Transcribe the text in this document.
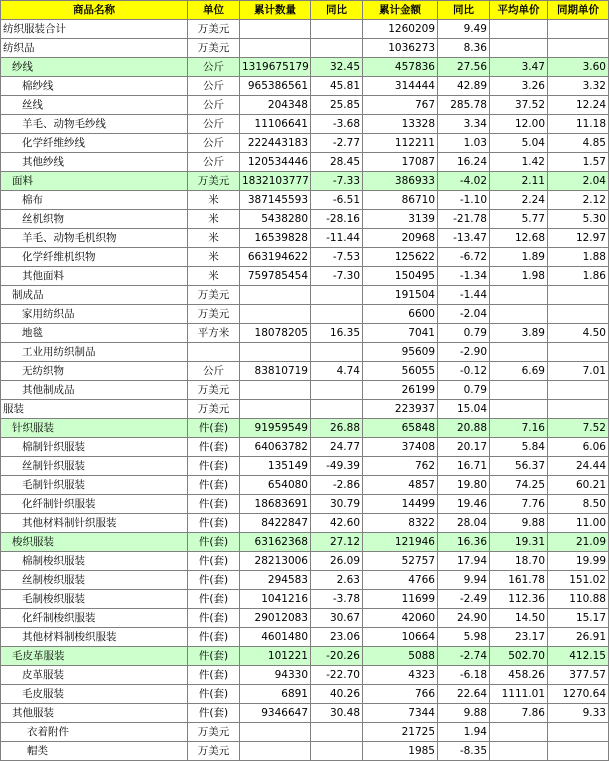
商品名称	单位	累计数量	同比	累计金额	同比	平均单价	同期单价
纺织服装合计	万美元			1260209	9.49		
纺织品	万美元			1036273	8.36		
纱线	公斤	1319675179	32.45	457836	27.56	3.47	3.60
棉纱线	公斤	965386561	45.81	314444	42.89	3.26	3.32
丝线	公斤	204348	25.85	767	285.78	37.52	12.24
羊毛、动物毛纱线	公斤	11106641	-3.68	13328	3.34	12.00	11.18
化学纤维纱线	公斤	222443183	-2.77	112211	1.03	5.04	4.85
其他纱线	公斤	120534446	28.45	17087	16.24	1.42	1.57
面料	万美元	1832103777	-7.33	386933	-4.02	2.11	2.04
棉布	米	387145593	-6.51	86710	-1.10	2.24	2.12
丝机织物	米	5438280	-28.16	3139	-21.78	5.77	5.30
羊毛、动物毛机织物	米	16539828	-11.44	20968	-13.47	12.68	12.97
化学纤维机织物	米	663194622	-7.53	125622	-6.72	1.89	1.88
其他面料	米	759785454	-7.30	150495	-1.34	1.98	1.86
制成品	万美元			191504	-1.44		
家用纺织品	万美元			6600	-2.04		
地毯	平方米	18078205	16.35	7041	0.79	3.89	4.50
工业用纺织制品				95609	-2.90		
无纺织物	公斤	83810719	4.74	56055	-0.12	6.69	7.01
其他制成品	万美元			26199	0.79		
服装	万美元			223937	15.04		
针织服装	件(套)	91959549	26.88	65848	20.88	7.16	7.52
棉制针织服装	件(套)	64063782	24.77	37408	20.17	5.84	6.06
丝制针织服装	件(套)	135149	-49.39	762	16.71	56.37	24.44
毛制针织服装	件(套)	654080	-2.86	4857	19.80	74.25	60.21
化纤制针织服装	件(套)	18683691	30.79	14499	19.46	7.76	8.50
其他材料制针织服装	件(套)	8422847	42.60	8322	28.04	9.88	11.00
梭织服装	件(套)	63162368	27.12	121946	16.36	19.31	21.09
棉制梭织服装	件(套)	28213006	26.09	52757	17.94	18.70	19.99
丝制梭织服装	件(套)	294583	2.63	4766	9.94	161.78	151.02
毛制梭织服装	件(套)	1041216	-3.78	11699	-2.49	112.36	110.88
化纤制梭织服装	件(套)	29012083	30.67	42060	24.90	14.50	15.17
其他材料制梭织服装	件(套)	4601480	23.06	10664	5.98	23.17	26.91
毛皮革服装	件(套)	101221	-20.26	5088	-2.74	502.70	412.15
皮革服装	件(套)	94330	-22.70	4323	-6.18	458.26	377.57
毛皮服装	件(套)	6891	40.26	766	22.64	1111.01	1270.64
其他服装	件(套)	9346647	30.48	7344	9.88	7.86	9.33
衣着附件	万美元			21725	1.94		
帽类	万美元			1985	-8.35		
